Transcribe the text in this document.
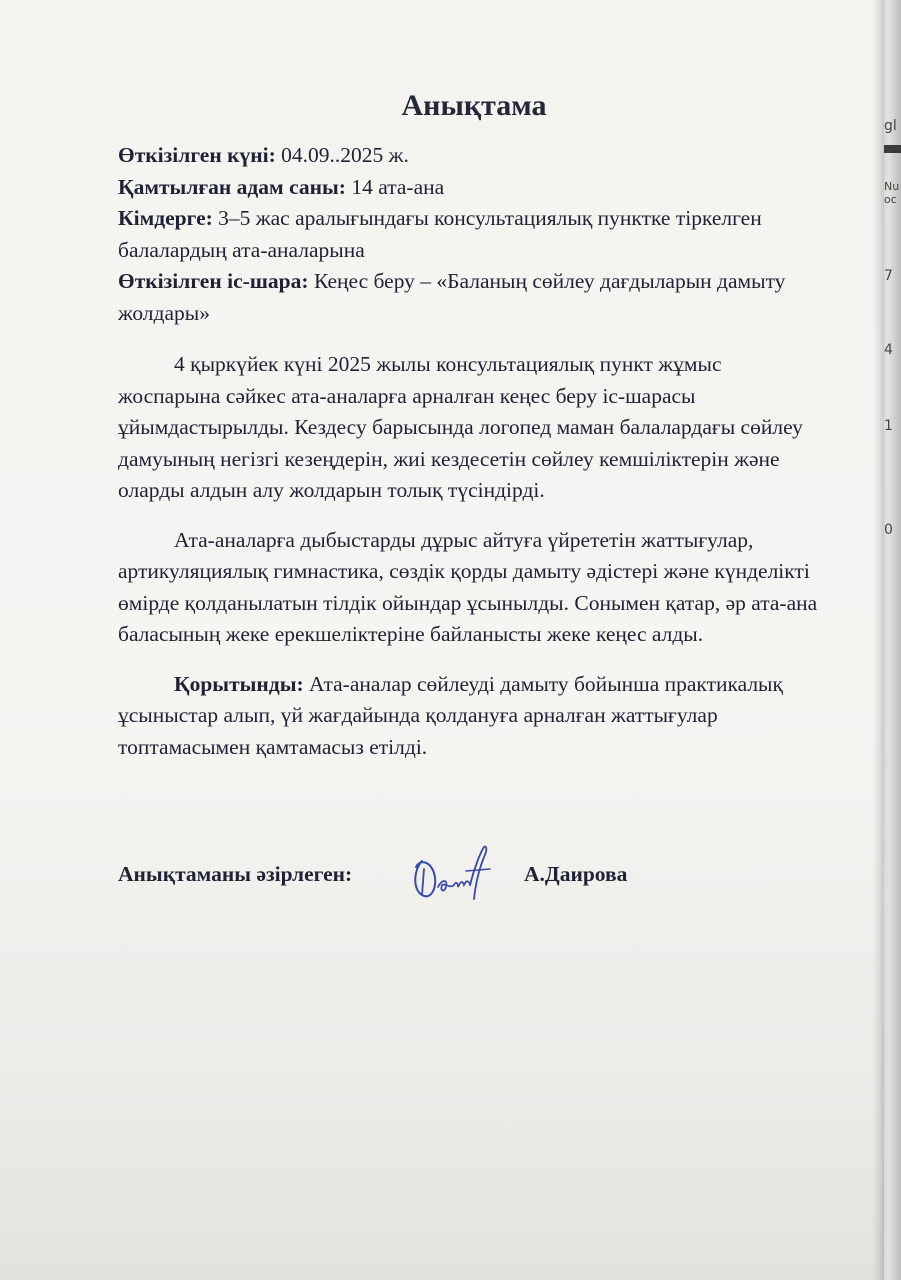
gl
Nu
ос
7
4
1
0
Анықтама

Өткізілген күні: 04.09..2025 ж.

Қамтылған адам саны: 14 ата-ана

Кімдерге: 3–5 жас аралығындағы консультациялық пунктке тіркелген балалардың ата-аналарына

Өткізілген іс-шара: Кеңес беру – «Баланың сөйлеу дағдыларын дамыту жолдары»

4 қыркүйек күні 2025 жылы консультациялық пункт жұмыс жоспарына сәйкес ата-аналарға арналған кеңес беру іс-шарасы ұйымдастырылды. Кездесу барысында логопед маман балалардағы сөйлеу дамуының негізгі кезеңдерін, жиі кездесетін сөйлеу кемшіліктерін және оларды алдын алу жолдарын толық түсіндірді.

Ата-аналарға дыбыстарды дұрыс айтуға үйрететін жаттығулар, артикуляциялық гимнастика, сөздік қорды дамыту әдістері және күнделікті өмірде қолданылатын тілдік ойындар ұсынылды. Сонымен қатар, әр ата-ана баласының жеке ерекшеліктеріне байланысты жеке кеңес алды.

Қорытынды: Ата-аналар сөйлеуді дамыту бойынша практикалық ұсыныстар алып, үй жағдайында қолдануға арналған жаттығулар топтамасымен қамтамасыз етілді.

Анықтаманы әзірлеген:	А.Даирова
